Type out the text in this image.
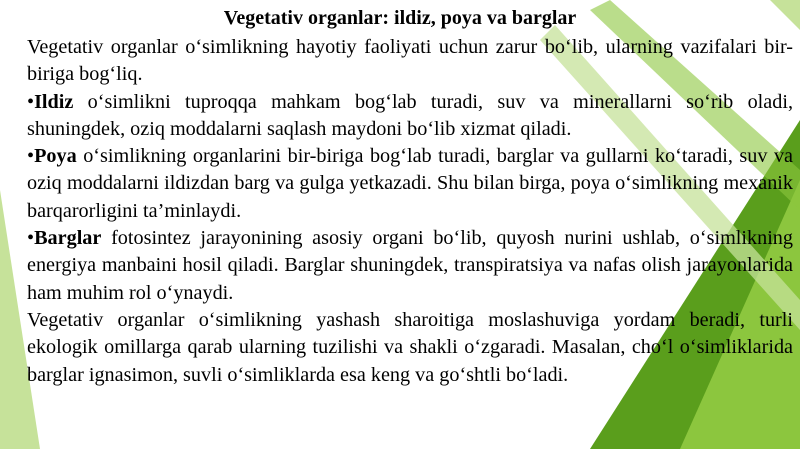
Vegetativ organlar: ildiz, poya va barglar

Vegetativ organlar o‘simlikning hayotiy faoliyati uchun zarur bo‘lib, ularning vazifalari bir-biriga bog‘liq.

•Ildiz o‘simlikni tuproqqa mahkam bog‘lab turadi, suv va minerallarni so‘rib oladi, shuningdek, oziq moddalarni saqlash maydoni bo‘lib xizmat qiladi.

•Poya o‘simlikning organlarini bir-biriga bog‘lab turadi, barglar va gullarni ko‘taradi, suv va oziq moddalarni ildizdan barg va gulga yetkazadi. Shu bilan birga, poya o‘simlikning mexanik barqarorligini ta’minlaydi.

•Barglar fotosintez jarayonining asosiy organi bo‘lib, quyosh nurini ushlab, o‘simlikning energiya manbaini hosil qiladi. Barglar shuningdek, transpiratsiya va nafas olish jarayonlarida ham muhim rol o‘ynaydi.

Vegetativ organlar o‘simlikning yashash sharoitiga moslashuviga yordam beradi, turli ekologik omillarga qarab ularning tuzilishi va shakli o‘zgaradi. Masalan, cho‘l o‘simliklarida barglar ignasimon, suvli o‘simliklarda esa keng va go‘shtli bo‘ladi.
